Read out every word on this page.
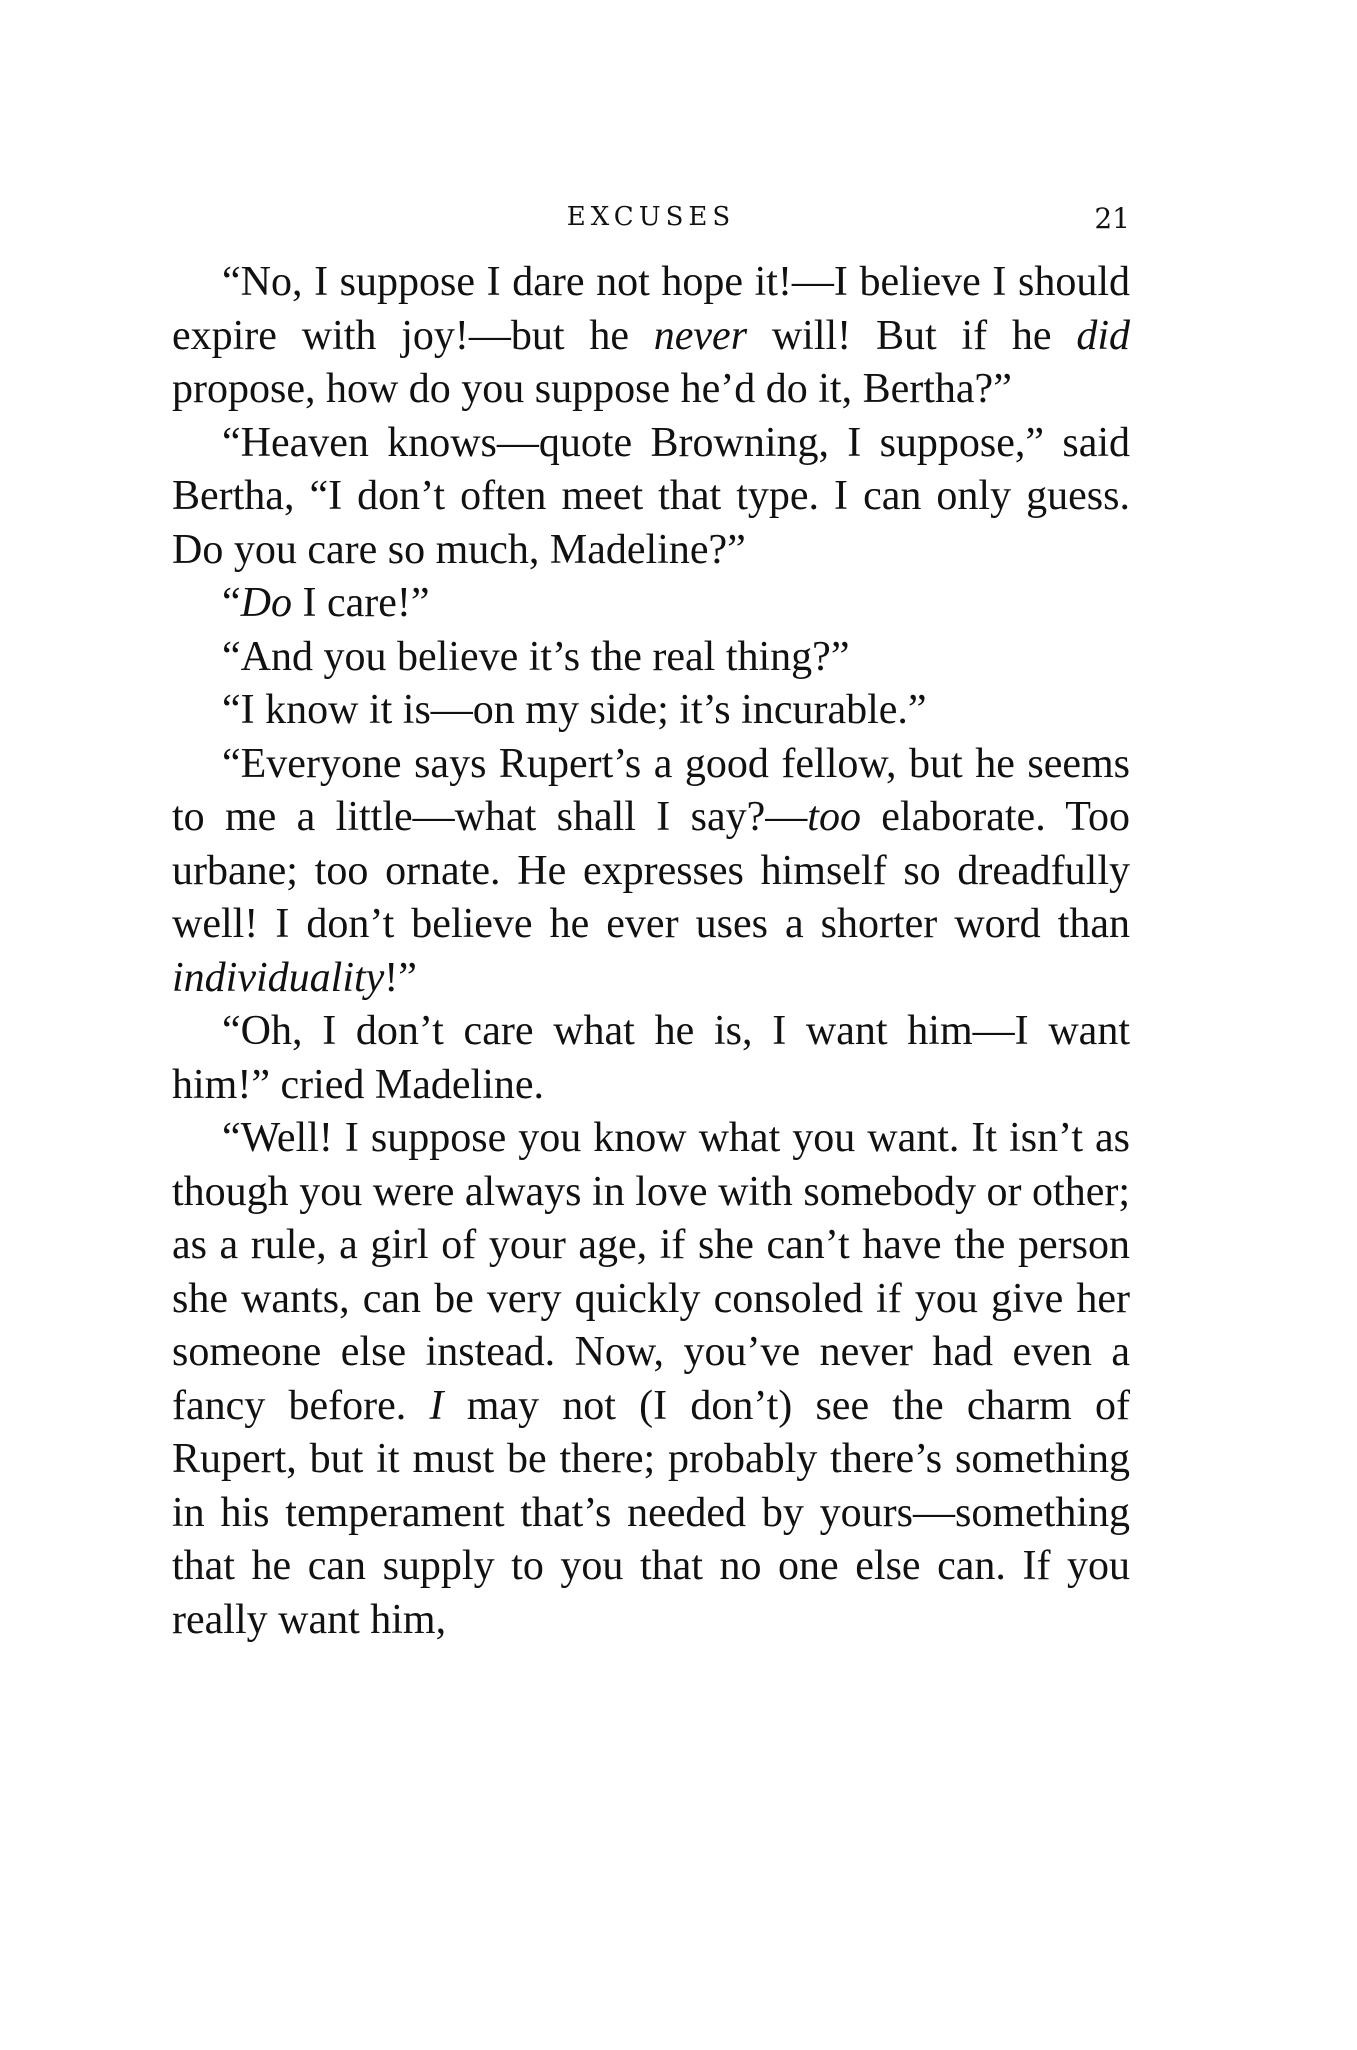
EXCUSES	21

“No, I suppose I dare not hope it!—I believe I should expire with joy!—but he never will! But if he did propose, how do you suppose he’d do it, Bertha?”

“Heaven knows—quote Browning, I suppose,” said Bertha, “I don’t often meet that type. I can only guess. Do you care so much, Madeline?”

“Do I care!”

“And you believe it’s the real thing?”

“I know it is—on my side; it’s incurable.”

“Everyone says Rupert’s a good fellow, but he seems to me a little—what shall I say?—too elaborate. Too urbane; too ornate. He expresses himself so dreadfully well! I don’t believe he ever uses a shorter word than individuality!”

“Oh, I don’t care what he is, I want him—I want him!” cried Madeline.

“Well! I suppose you know what you want. It isn’t as though you were always in love with somebody or other; as a rule, a girl of your age, if she can’t have the person she wants, can be very quickly consoled if you give her someone else instead. Now, you’ve never had even a fancy before. I may not (I don’t) see the charm of Rupert, but it must be there; probably there’s something in his temperament that’s needed by yours—something that he can supply to you that no one else can. If you really want him,
